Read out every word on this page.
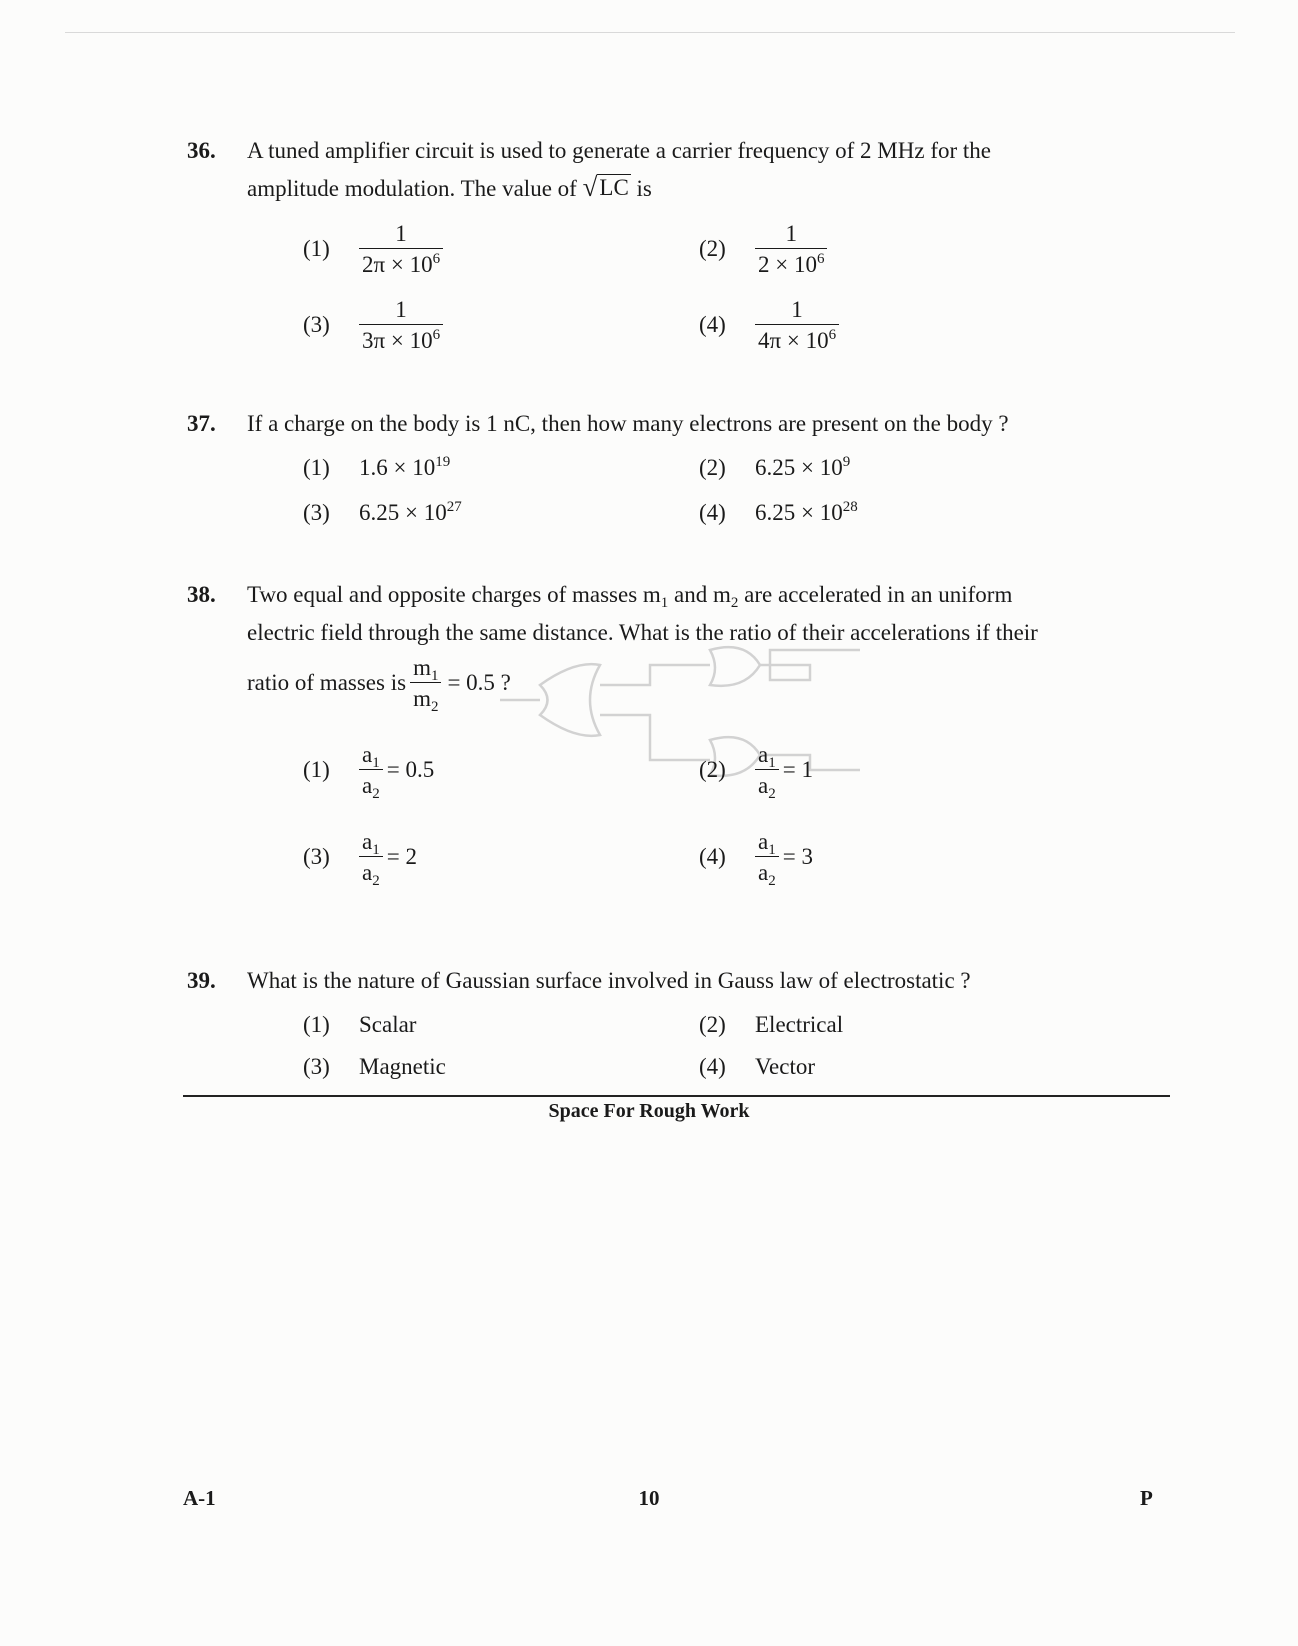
36. A tuned amplifier circuit is used to generate a carrier frequency of 2 MHz for the
amplitude modulation. The value of √ LC is
(1)	$\frac{1}{2\pi \times 10^6}$	(2)	$\frac{1}{2 \times 10^6}$
(3)	$\frac{1}{3\pi \times 10^6}$	(4)	$\frac{1}{4\pi \times 10^6}$
37. If a charge on the body is 1 nC, then how many electrons are present on the body ?
(1)	$1.6 \times 10^{19}$	(2)	$6.25 \times 10^9$
(3)	$6.25 \times 10^{27}$	(4)	$6.25 \times 10^{28}$
38. Two equal and opposite charges of masses $m_1$ and $m_2$ are accelerated in an uniform
electric field through the same distance. What is the ratio of their accelerations if their
ratio of masses is $\frac{m_1}{m_2} = 0.5$ ?
(1)	$\frac{a_1}{a_2} = 0.5$	(2)	$\frac{a_1}{a_2} = 1$
(3)	$\frac{a_1}{a_2} = 2$	(4)	$\frac{a_1}{a_2} = 3$
39. What is the nature of Gaussian surface involved in Gauss law of electrostatic ?
(1)	Scalar	(2)	Electrical
(3)	Magnetic	(4)	Vector
Space For Rough Work
A-1	10	P
